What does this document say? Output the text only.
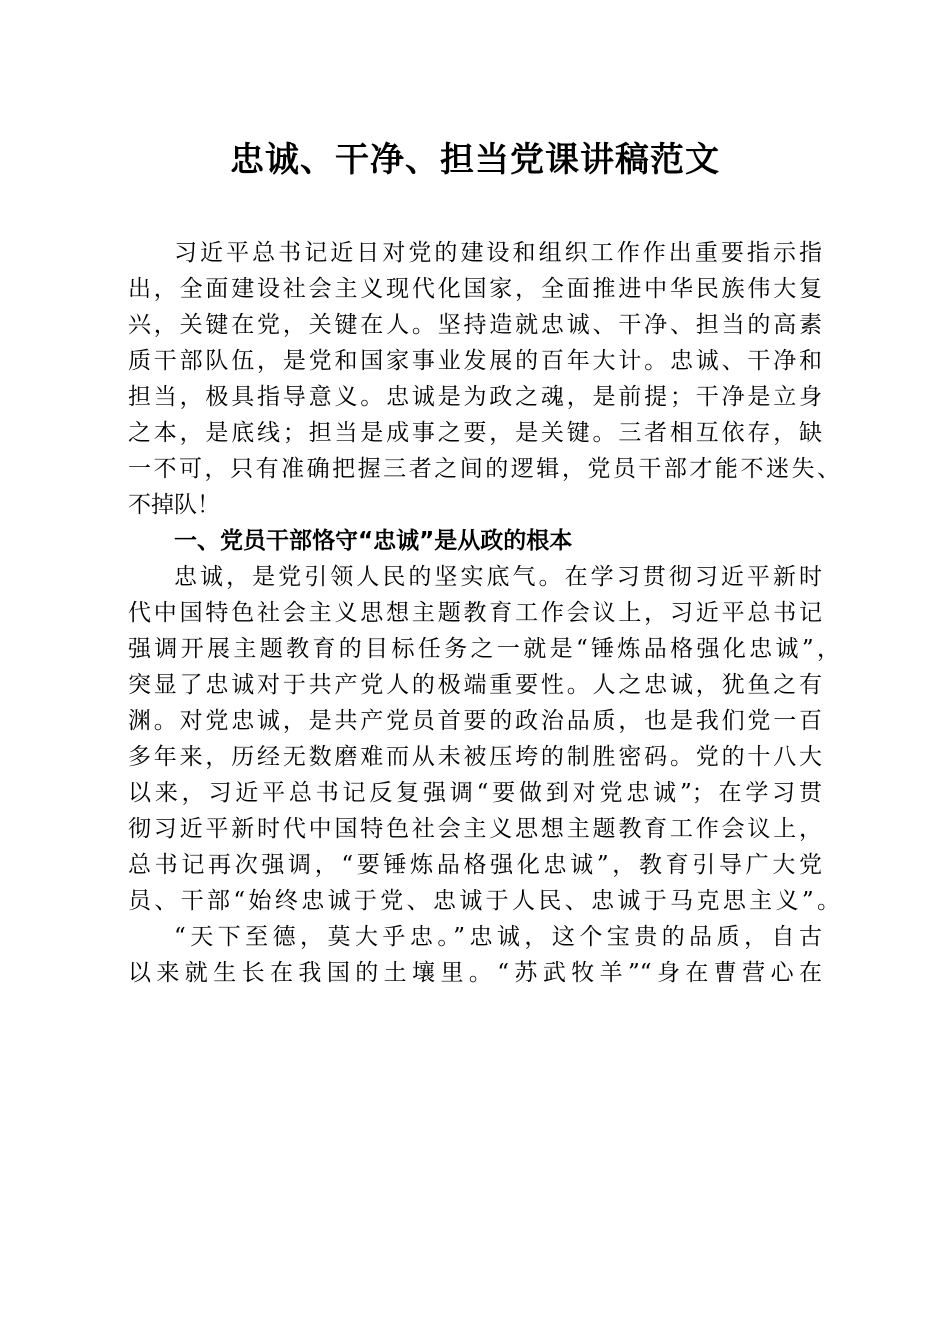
忠诚、干净、担当党课讲稿范文
习近平总书记近日对党的建设和组织工作作出重要指示指
出，全面建设社会主义现代化国家，全面推进中华民族伟大复
兴，关键在党，关键在人。坚持造就忠诚、干净、担当的高素
质干部队伍，是党和国家事业发展的百年大计。忠诚、干净和
担当，极具指导意义。忠诚是为政之魂，是前提；干净是立身
之本，是底线；担当是成事之要，是关键。三者相互依存，缺
一不可，只有准确把握三者之间的逻辑，党员干部才能不迷失、
不掉队！
一、党员干部恪守“忠诚”是从政的根本
忠诚，是党引领人民的坚实底气。在学习贯彻习近平新时
代中国特色社会主义思想主题教育工作会议上，习近平总书记
强调开展主题教育的目标任务之一就是“锤炼品格强化忠诚”，
突显了忠诚对于共产党人的极端重要性。人之忠诚，犹鱼之有
渊。对党忠诚，是共产党员首要的政治品质，也是我们党一百
多年来，历经无数磨难而从未被压垮的制胜密码。党的十八大
以来，习近平总书记反复强调“要做到对党忠诚”；在学习贯
彻习近平新时代中国特色社会主义思想主题教育工作会议上，
总书记再次强调，“要锤炼品格强化忠诚”，教育引导广大党
员、干部“始终忠诚于党、忠诚于人民、忠诚于马克思主义”。
“天下至德，莫大乎忠。”忠诚，这个宝贵的品质，自古
以来就生长在我国的土壤里。“苏武牧羊”“身在曹营心在
